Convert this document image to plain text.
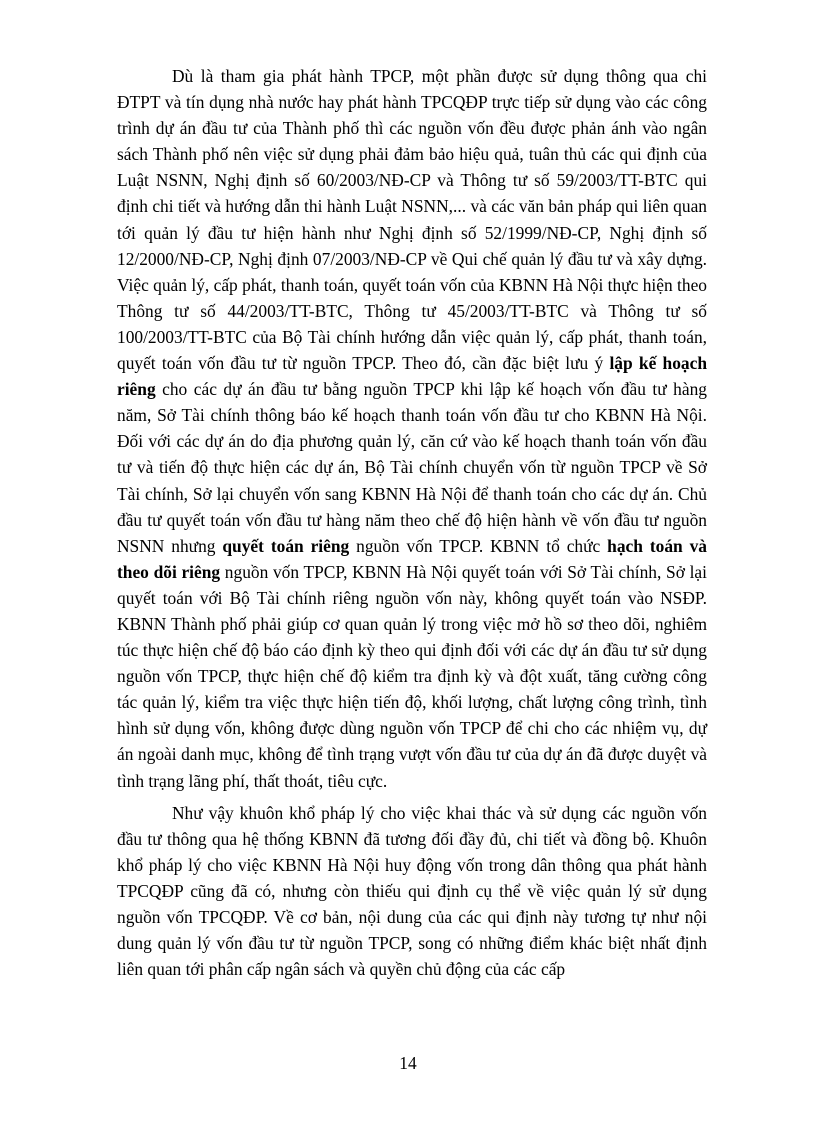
Dù là tham gia phát hành TPCP, một phần được sử dụng thông qua chi ĐTPT và tín dụng nhà nước hay phát hành TPCQĐP trực tiếp sử dụng vào các công trình dự án đầu tư của Thành phố thì các nguồn vốn đều được phản ánh vào ngân sách Thành phố nên việc sử dụng phải đảm bảo hiệu quả, tuân thủ các qui định của Luật NSNN, Nghị định số 60/2003/NĐ-CP và Thông tư số 59/2003/TT-BTC qui định chi tiết và hướng dẫn thi hành Luật NSNN,... và các văn bản pháp qui liên quan tới quản lý đầu tư hiện hành như Nghị định số 52/1999/NĐ-CP, Nghị định số 12/2000/NĐ-CP, Nghị định 07/2003/NĐ-CP về Qui chế quản lý đầu tư và xây dựng. Việc quản lý, cấp phát, thanh toán, quyết toán vốn của KBNN Hà Nội thực hiện theo Thông tư số 44/2003/TT-BTC, Thông tư 45/2003/TT-BTC và Thông tư số 100/2003/TT-BTC của Bộ Tài chính hướng dẫn việc quản lý, cấp phát, thanh toán, quyết toán vốn đầu tư từ nguồn TPCP. Theo đó, cần đặc biệt lưu ý lập kế hoạch riêng cho các dự án đầu tư bằng nguồn TPCP khi lập kế hoạch vốn đầu tư hàng năm, Sở Tài chính thông báo kế hoạch thanh toán vốn đầu tư cho KBNN Hà Nội. Đối với các dự án do địa phương quản lý, căn cứ vào kế hoạch thanh toán vốn đầu tư và tiến độ thực hiện các dự án, Bộ Tài chính chuyển vốn từ nguồn TPCP về Sở Tài chính, Sở lại chuyển vốn sang KBNN Hà Nội để thanh toán cho các dự án. Chủ đầu tư quyết toán vốn đầu tư hàng năm theo chế độ hiện hành về vốn đầu tư nguồn NSNN nhưng quyết toán riêng nguồn vốn TPCP. KBNN tổ chức hạch toán và theo dõi riêng nguồn vốn TPCP, KBNN Hà Nội quyết toán với Sở Tài chính, Sở lại quyết toán với Bộ Tài chính riêng nguồn vốn này, không quyết toán vào NSĐP. KBNN Thành phố phải giúp cơ quan quản lý trong việc mở hồ sơ theo dõi, nghiêm túc thực hiện chế độ báo cáo định kỳ theo qui định đối với các dự án đầu tư sử dụng nguồn vốn TPCP, thực hiện chế độ kiểm tra định kỳ và đột xuất, tăng cường công tác quản lý, kiểm tra việc thực hiện tiến độ, khối lượng, chất lượng công trình, tình hình sử dụng vốn, không được dùng nguồn vốn TPCP để chi cho các nhiệm vụ, dự án ngoài danh mục, không để tình trạng vượt vốn đầu tư của dự án đã được duyệt và tình trạng lãng phí, thất thoát, tiêu cực.

Như vậy khuôn khổ pháp lý cho việc khai thác và sử dụng các nguồn vốn đầu tư thông qua hệ thống KBNN đã tương đối đầy đủ, chi tiết và đồng bộ. Khuôn khổ pháp lý cho việc KBNN Hà Nội huy động vốn trong dân thông qua phát hành TPCQĐP cũng đã có, nhưng còn thiếu qui định cụ thể về việc quản lý sử dụng nguồn vốn TPCQĐP. Về cơ bản, nội dung của các qui định này tương tự như nội dung quản lý vốn đầu tư từ nguồn TPCP, song có những điểm khác biệt nhất định liên quan tới phân cấp ngân sách và quyền chủ động của các cấp

14
